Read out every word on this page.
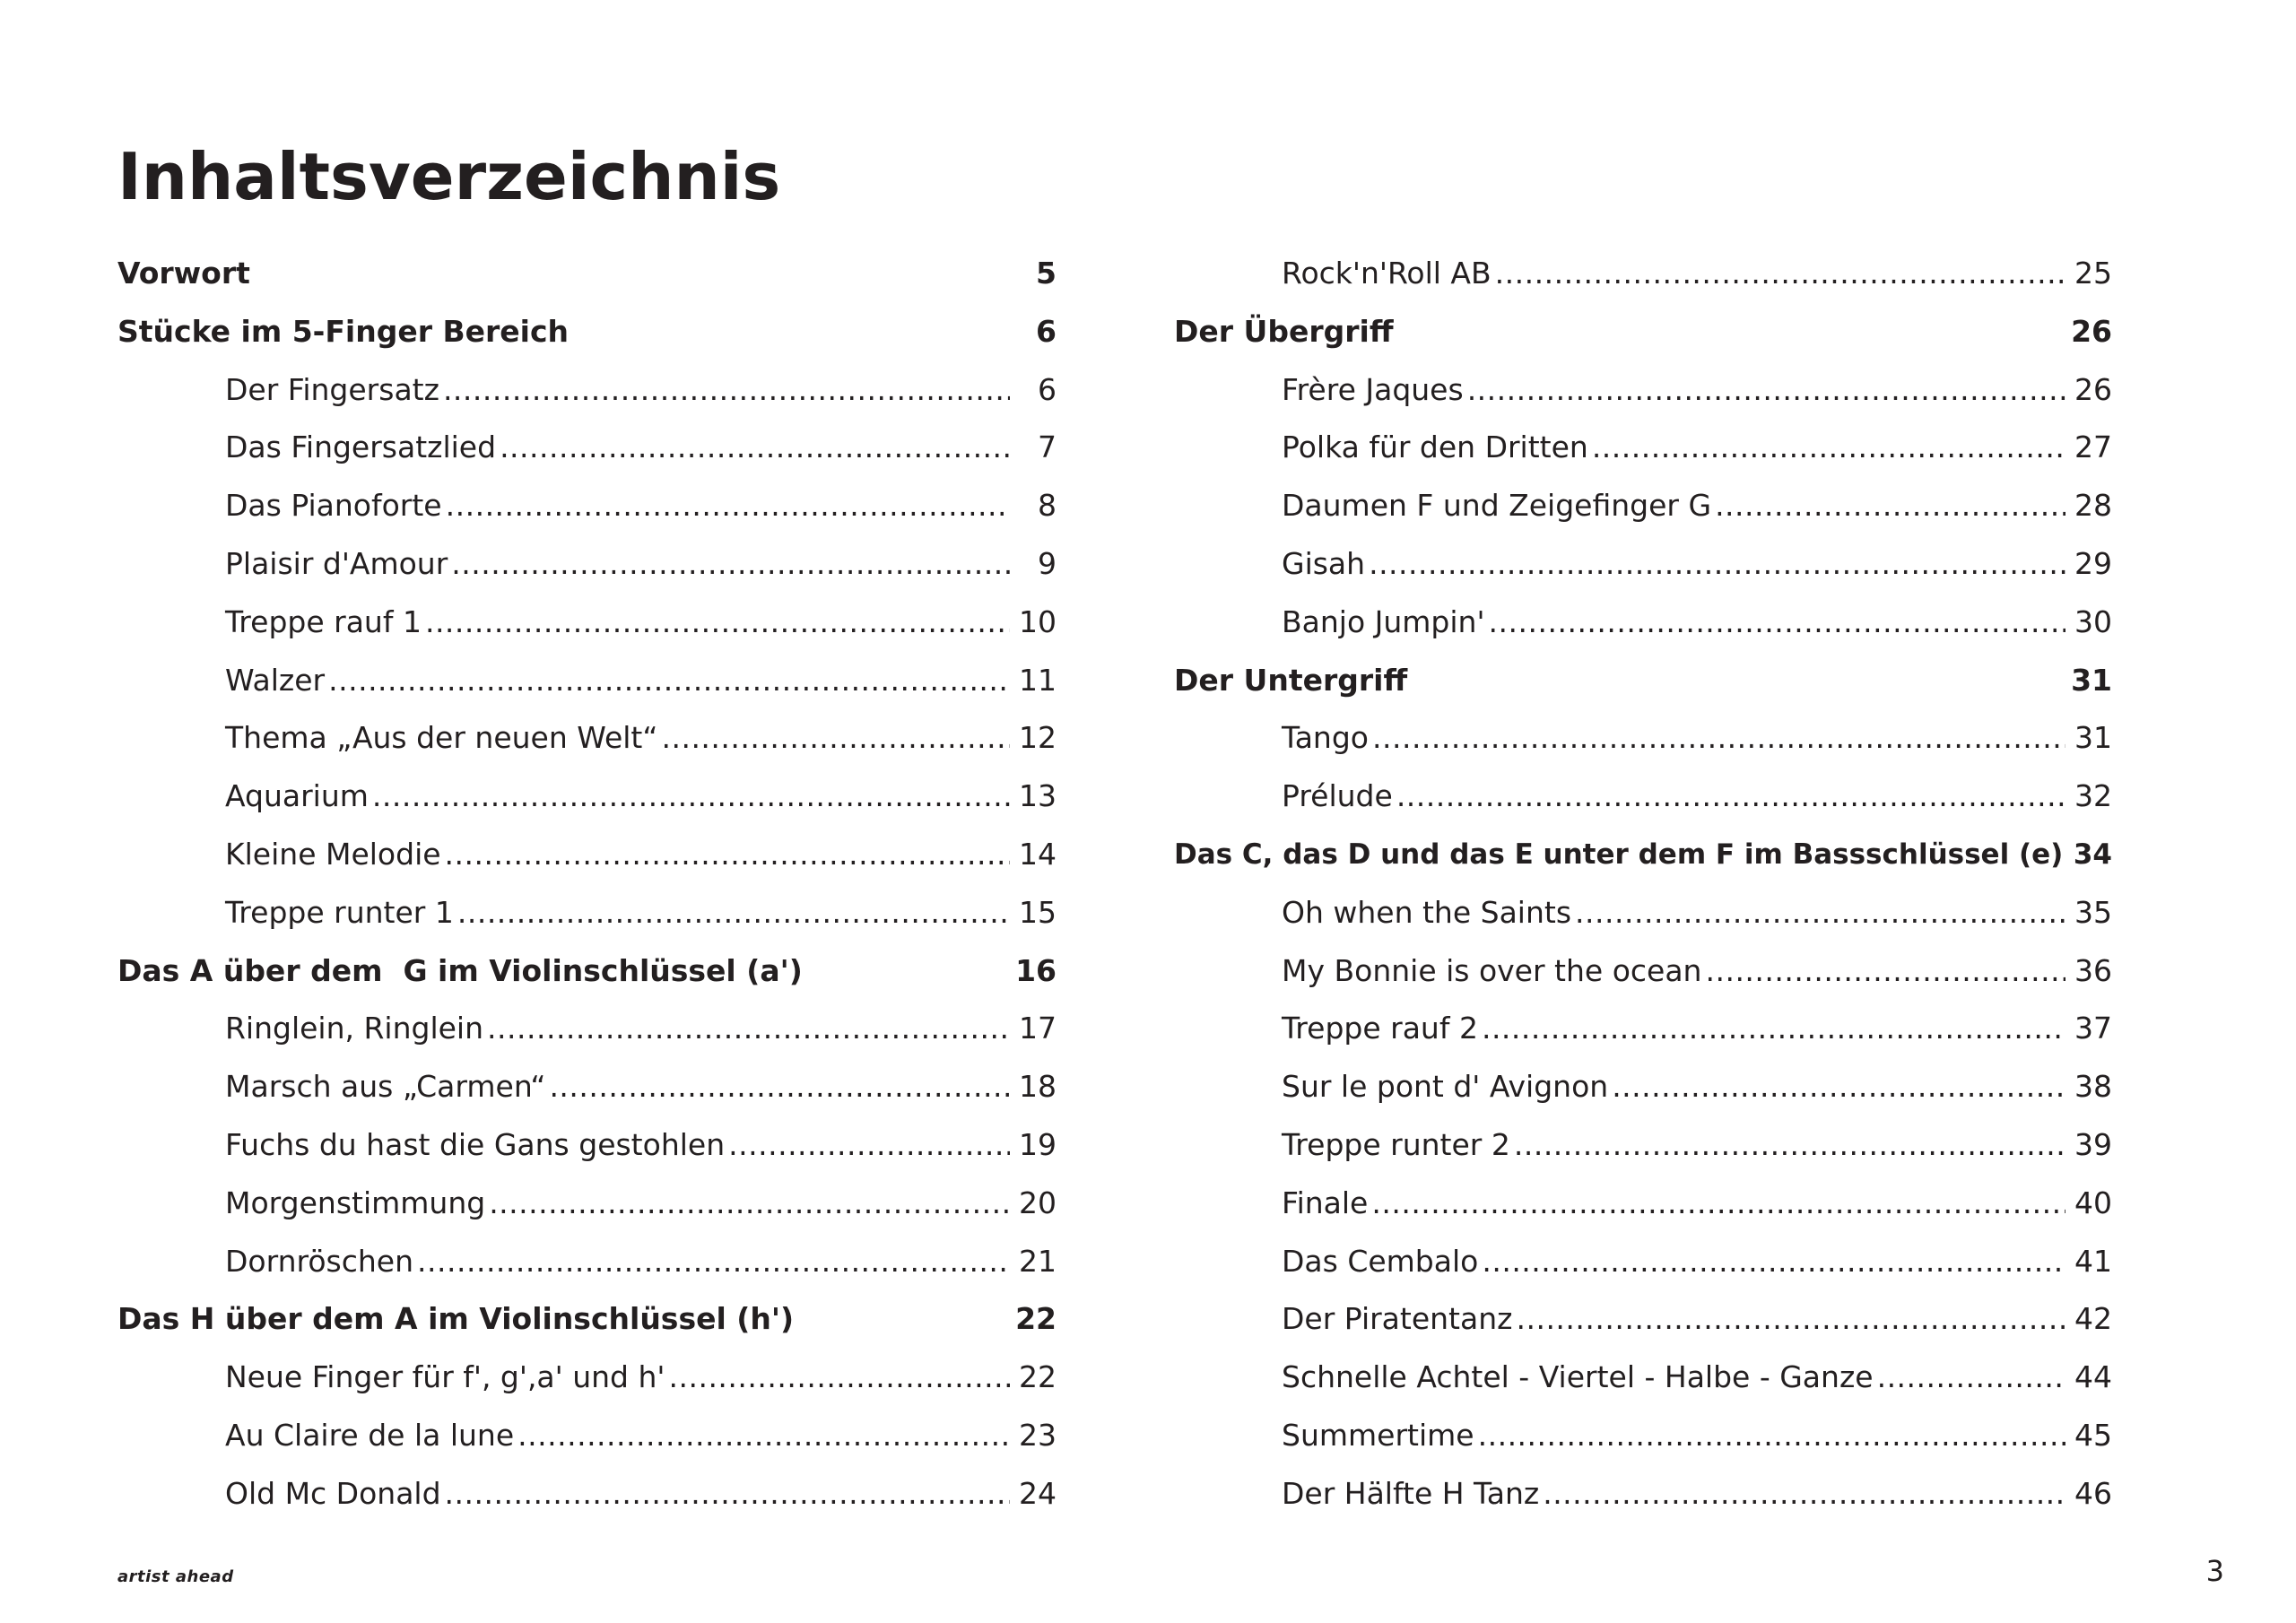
Inhaltsverzeichnis
Vorwort	5
Stücke im 5-Finger Bereich	6
Der Fingersatz .....	6
Das Fingersatzlied .....	7
Das Pianoforte .....	8
Plaisir d'Amour .....	9
Treppe rauf 1 .....	10
Walzer .....	11
Thema „Aus der neuen Welt“ .....	12
Aquarium .....	13
Kleine Melodie .....	14
Treppe runter 1 .....	15
Das A über dem  G im Violinschlüssel (a')	16
Ringlein, Ringlein .....	17
Marsch aus „Carmen“ .....	18
Fuchs du hast die Gans gestohlen .....	19
Morgenstimmung .....	20
Dornröschen .....	21
Das H über dem A im Violinschlüssel (h')	22
Neue Finger für f', g',a' und h' .....	22
Au Claire de la lune .....	23
Old Mc Donald .....	24
Rock'n'Roll AB .....	25
Der Übergriff	26
Frère Jaques .....	26
Polka für den Dritten .....	27
Daumen F und Zeigefinger G .....	28
Gisah .....	29
Banjo Jumpin' .....	30
Der Untergriff	31
Tango .....	31
Prélude .....	32
Das C, das D und das E unter dem F im Bassschlüssel (e) 34
Oh when the Saints .....	35
My Bonnie is over the ocean .....	36
Treppe rauf 2 .....	37
Sur le pont d' Avignon .....	38
Treppe runter 2 .....	39
Finale .....	40
Das Cembalo .....	41
Der Piratentanz .....	42
Schnelle Achtel - Viertel - Halbe - Ganze .....	44
Summertime .....	45
Der Hälfte H Tanz .....	46
artist ahead	3
